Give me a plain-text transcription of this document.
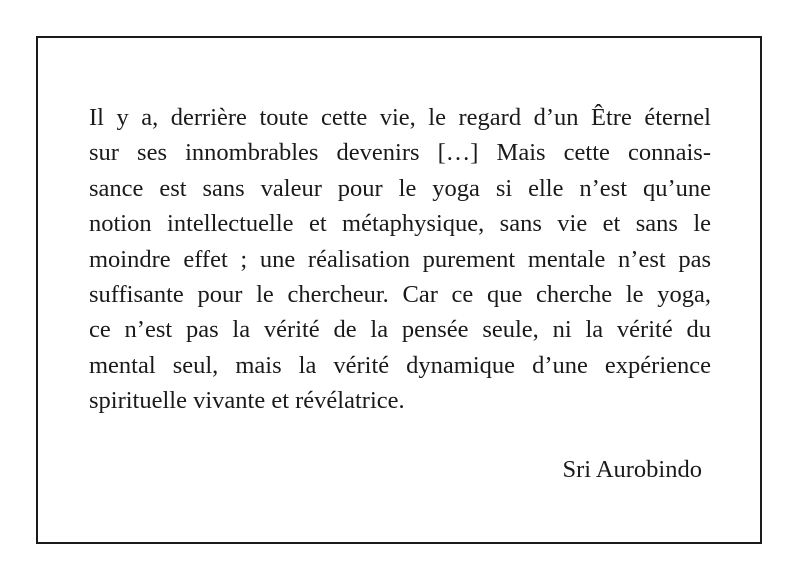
Il y a, derrière toute cette vie, le regard d’un Être éternel
sur ses innombrables devenirs […] Mais cette connais-
sance est sans valeur pour le yoga si elle n’est qu’une
notion intellectuelle et métaphysique, sans vie et sans le
moindre effet ; une réalisation purement mentale n’est pas
suffisante pour le chercheur. Car ce que cherche le yoga,
ce n’est pas la vérité de la pensée seule, ni la vérité du
mental seul, mais la vérité dynamique d’une expérience
spirituelle vivante et révélatrice.
Sri Aurobindo
